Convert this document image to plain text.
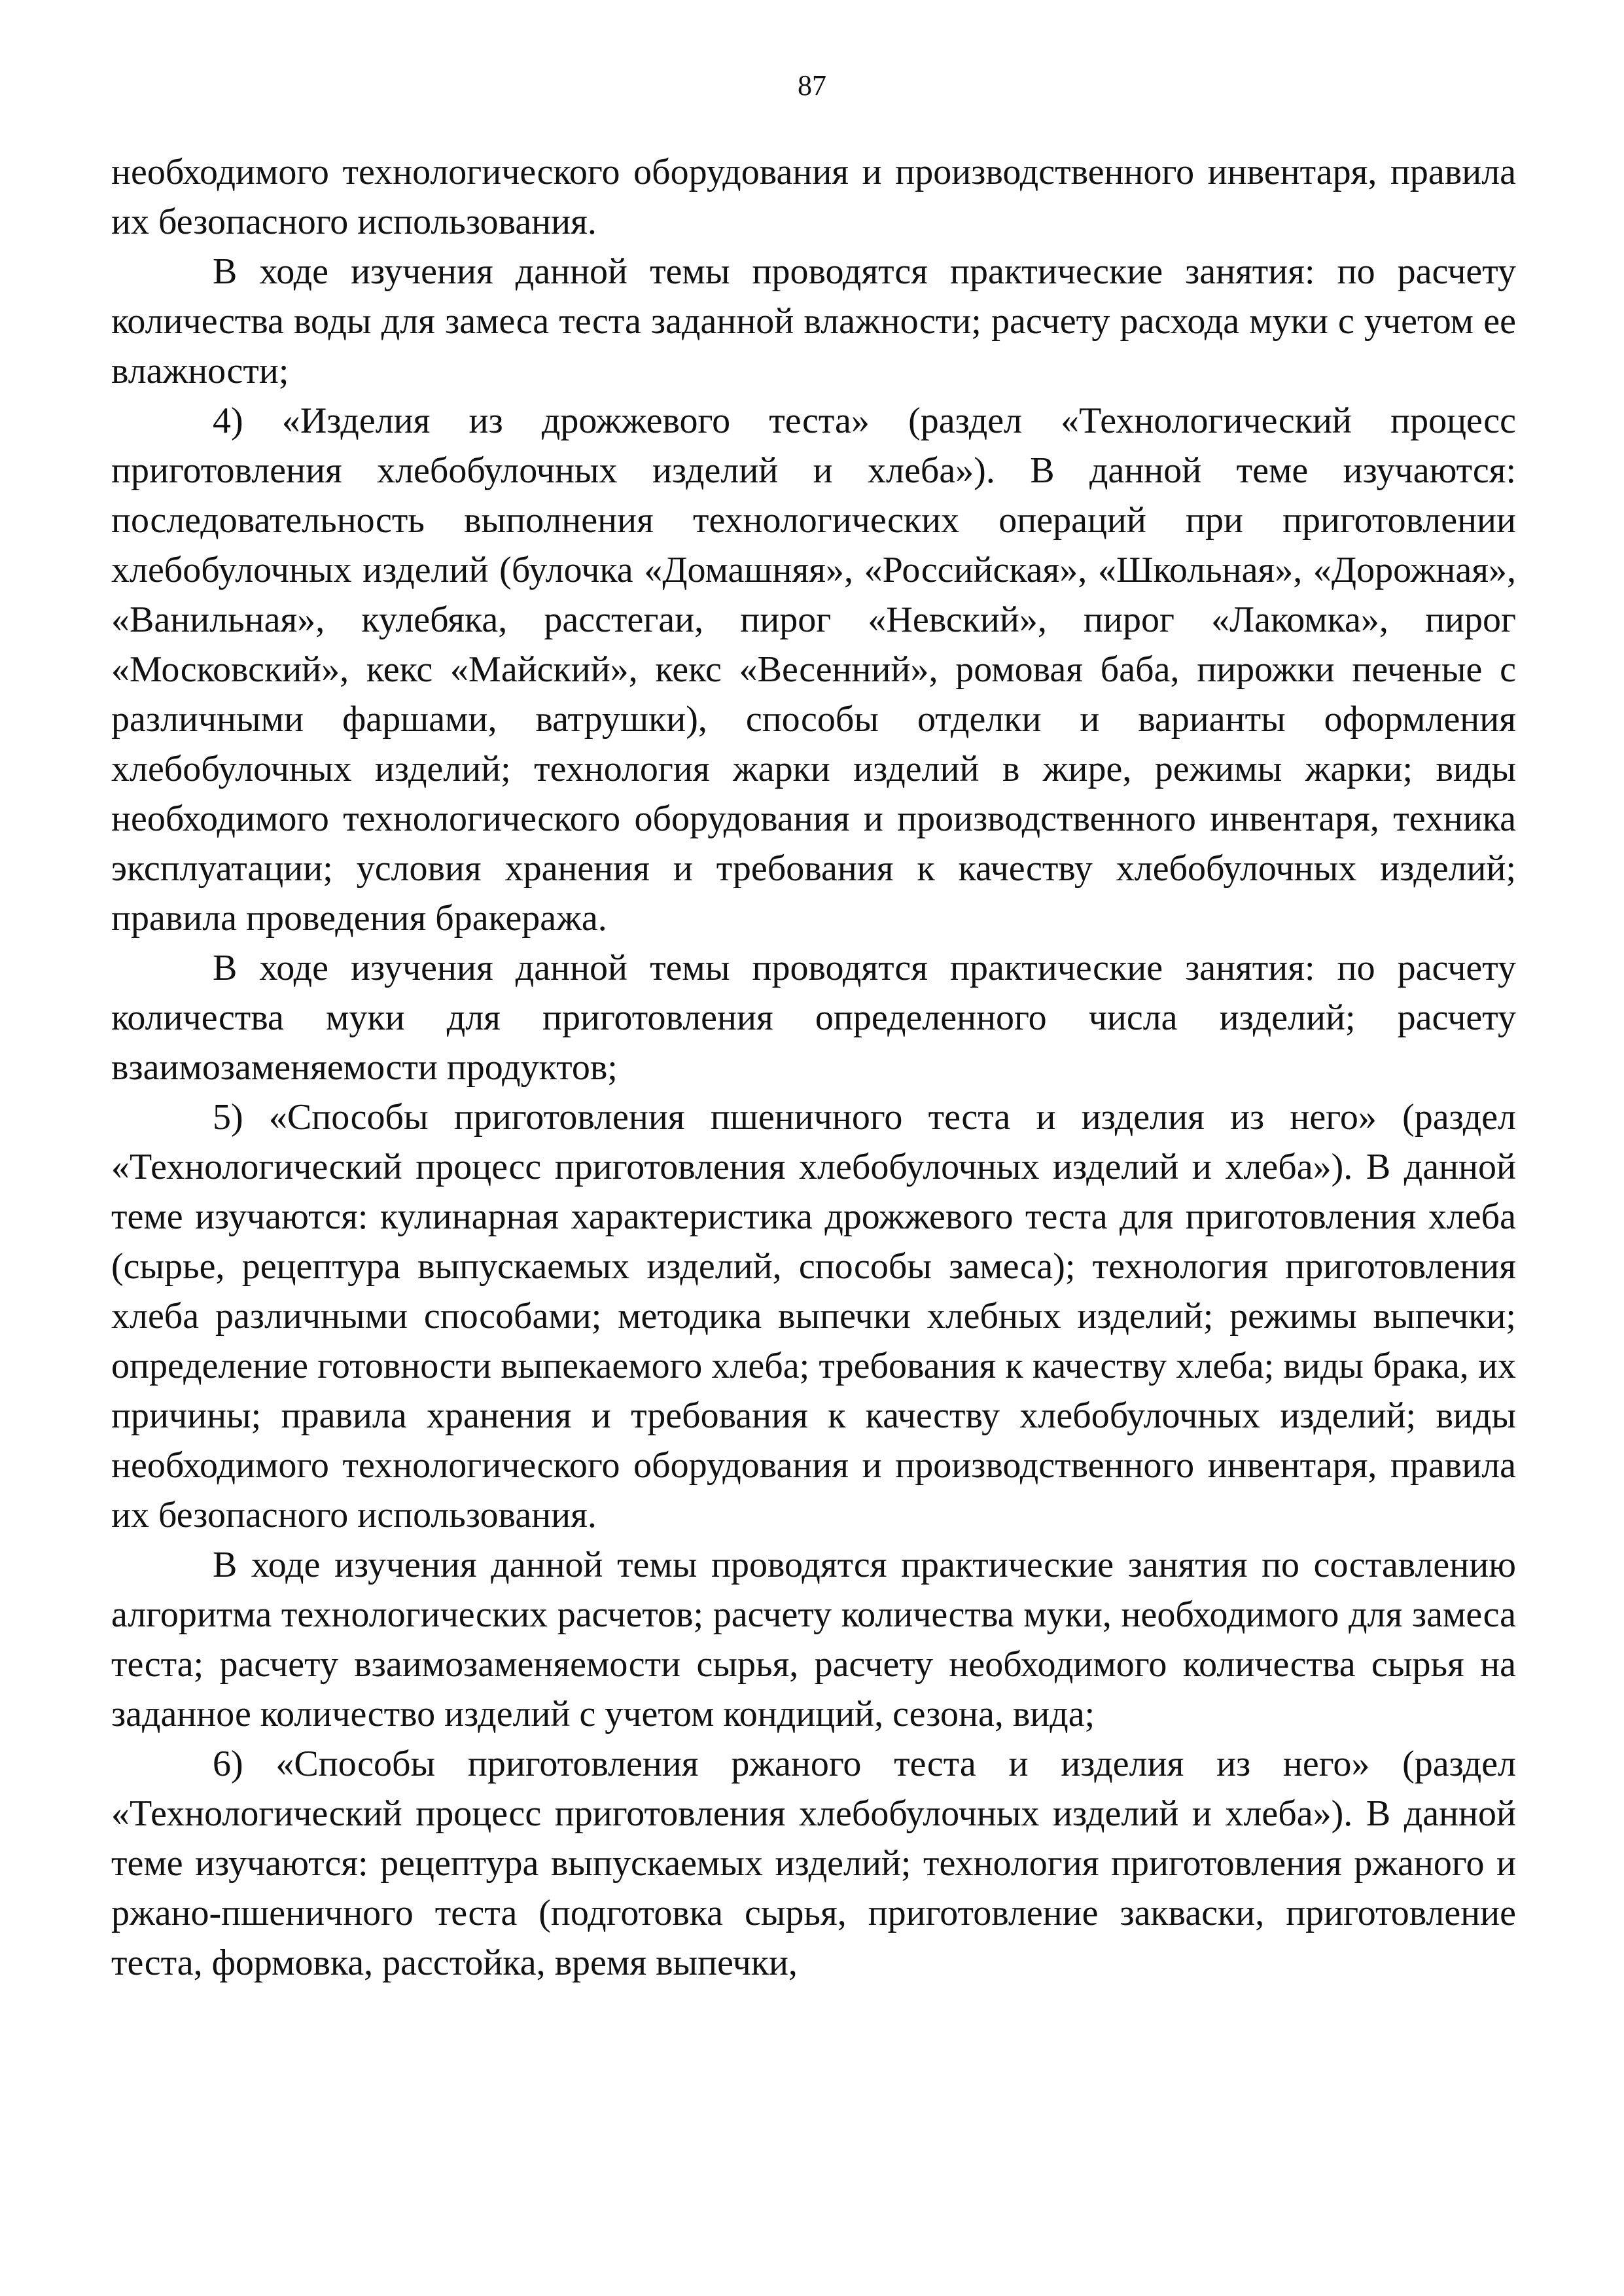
87

необходимого технологического оборудования и производственного инвентаря, правила их безопасного использования.

В ходе изучения данной темы проводятся практические занятия: по расчету количества воды для замеса теста заданной влажности; расчету расхода муки с учетом ее влажности;

4) «Изделия из дрожжевого теста» (раздел «Технологический процесс приготовления хлебобулочных изделий и хлеба»). В данной теме изучаются: последовательность выполнения технологических операций при приготовлении хлебобулочных изделий (булочка «Домашняя», «Российская», «Школьная», «Дорожная», «Ванильная», кулебяка, расстегаи, пирог «Невский», пирог «Лакомка», пирог «Московский», кекс «Майский», кекс «Весенний», ромовая баба, пирожки печеные с различными фаршами, ватрушки), способы отделки и варианты оформления хлебобулочных изделий; технология жарки изделий в жире, режимы жарки; виды необходимого технологического оборудования и производственного инвентаря, техника эксплуатации; условия хранения и требования к качеству хлебобулочных изделий; правила проведения бракеража.

В ходе изучения данной темы проводятся практические занятия: по расчету количества муки для приготовления определенного числа изделий; расчету взаимозаменяемости продуктов;

5) «Способы приготовления пшеничного теста и изделия из него» (раздел «Технологический процесс приготовления хлебобулочных изделий и хлеба»). В данной теме изучаются: кулинарная характеристика дрожжевого теста для приготовления хлеба (сырье, рецептура выпускаемых изделий, способы замеса); технология приготовления хлеба различными способами; методика выпечки хлебных изделий; режимы выпечки; определение готовности выпекаемого хлеба; требования к качеству хлеба; виды брака, их причины; правила хранения и требования к качеству хлебобулочных изделий; виды необходимого технологического оборудования и производственного инвентаря, правила их безопасного использования.

В ходе изучения данной темы проводятся практические занятия по составлению алгоритма технологических расчетов; расчету количества муки, необходимого для замеса теста; расчету взаимозаменяемости сырья, расчету необходимого количества сырья на заданное количество изделий с учетом кондиций, сезона, вида;

6) «Способы приготовления ржаного теста и изделия из него» (раздел «Технологический процесс приготовления хлебобулочных изделий и хлеба»). В данной теме изучаются: рецептура выпускаемых изделий; технология приготовления ржаного и ржано-пшеничного теста (подготовка сырья, приготовление закваски, приготовление теста, формовка, расстойка, время выпечки,
